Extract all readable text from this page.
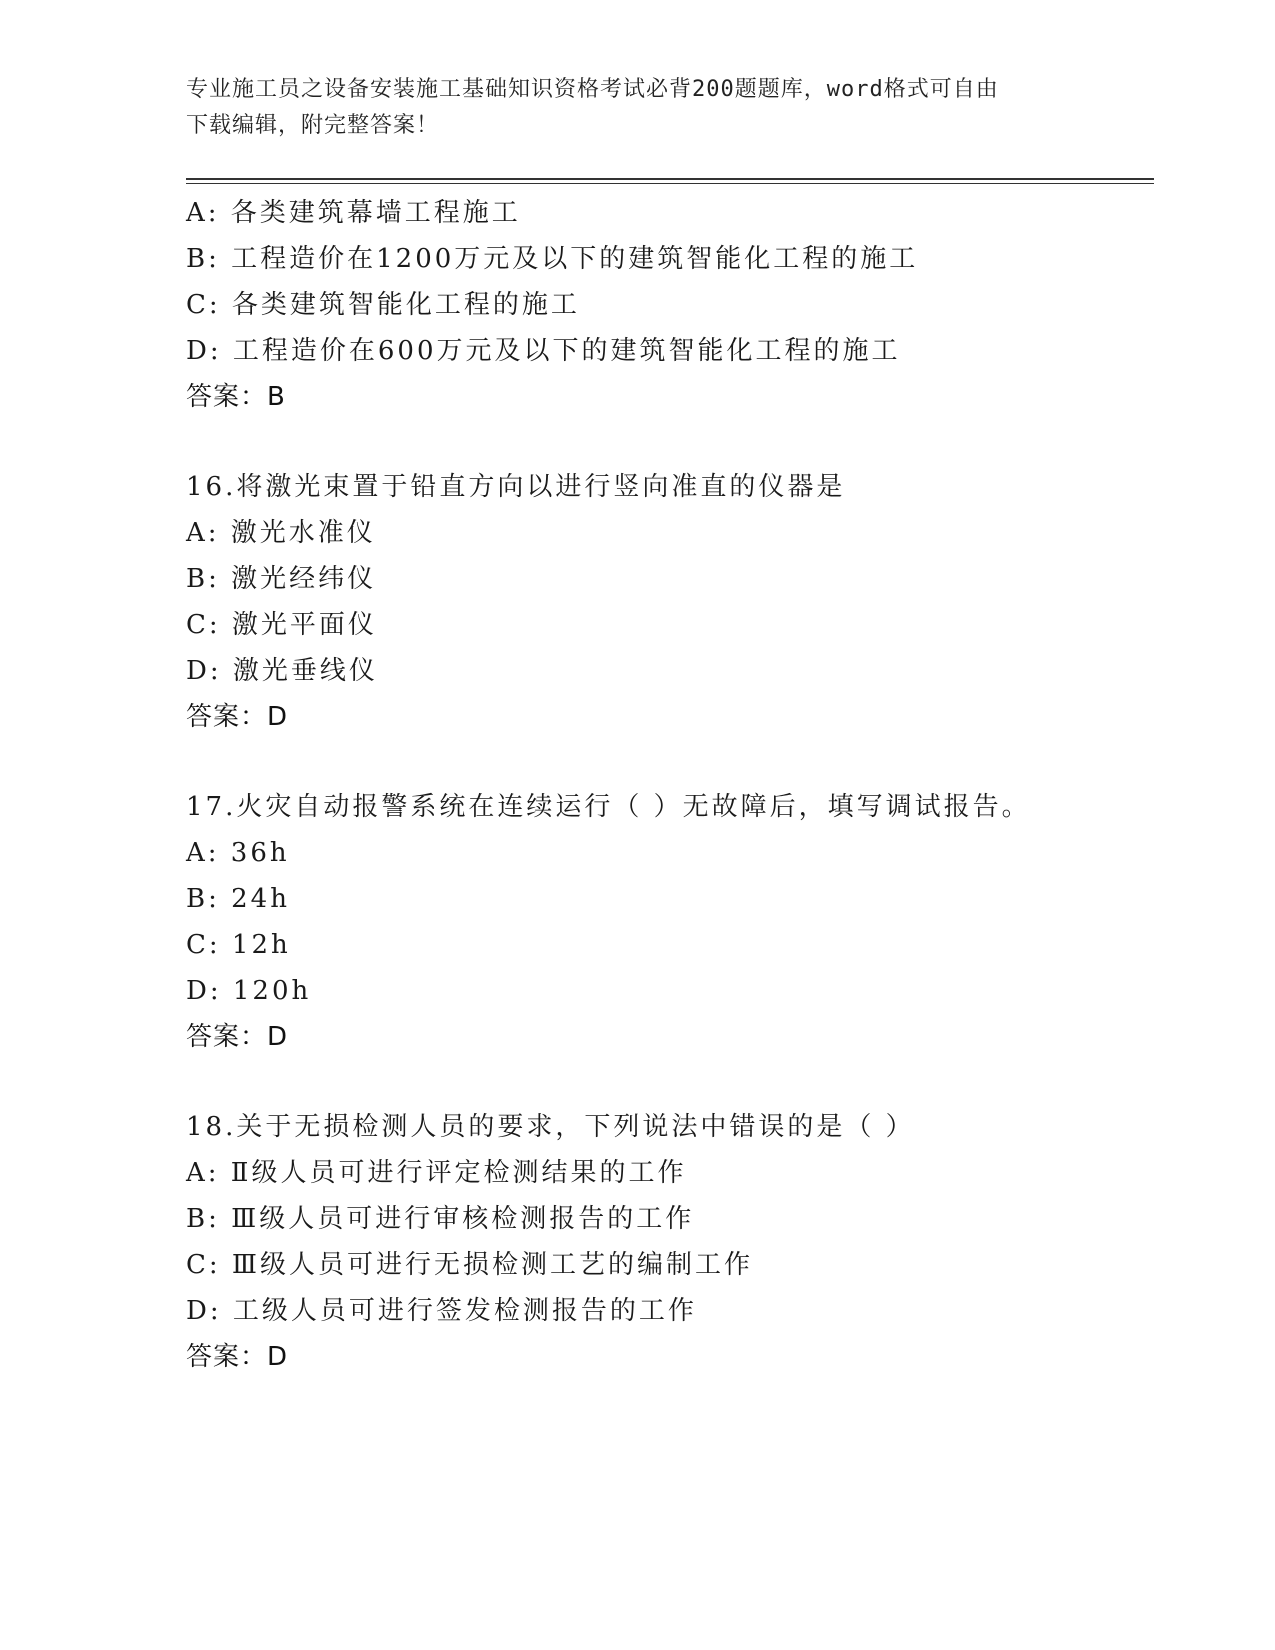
专业施工员之设备安装施工基础知识资格考试必背200题题库，word格式可自由
下载编辑，附完整答案！
A: 各类建筑幕墙工程施工
B: 工程造价在1200万元及以下的建筑智能化工程的施工
C: 各类建筑智能化工程的施工
D: 工程造价在600万元及以下的建筑智能化工程的施工
答案：B
16.将激光束置于铅直方向以进行竖向准直的仪器是
A: 激光水准仪
B: 激光经纬仪
C: 激光平面仪
D: 激光垂线仪
答案：D
17.火灾自动报警系统在连续运行（ ）无故障后，填写调试报告。
A: 36h
B: 24h
C: 12h
D: 120h
答案：D
18.关于无损检测人员的要求，下列说法中错误的是（ ）
A: Ⅱ级人员可进行评定检测结果的工作
B: Ⅲ级人员可进行审核检测报告的工作
C: Ⅲ级人员可进行无损检测工艺的编制工作
D: 工级人员可进行签发检测报告的工作
答案：D
